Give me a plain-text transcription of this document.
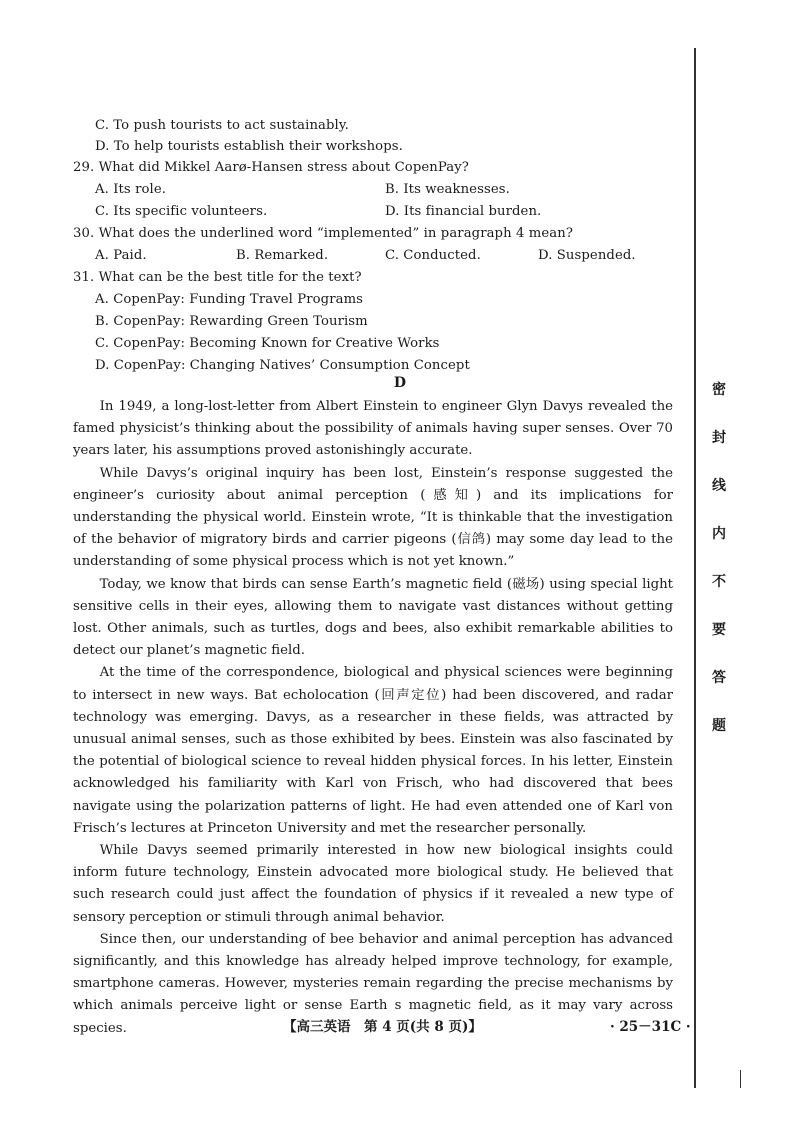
C. To push tourists to act sustainably.
D. To help tourists establish their workshops.
29. What did Mikkel Aarø-Hansen stress about CopenPay?
A. Its role.	B. Its weaknesses.
C. Its specific volunteers.	D. Its financial burden.
30. What does the underlined word “implemented” in paragraph 4 mean?
A. Paid.	B. Remarked.	C. Conducted.	D. Suspended.
31. What can be the best title for the text?
A. CopenPay: Funding Travel Programs
B. CopenPay: Rewarding Green Tourism
C. CopenPay: Becoming Known for Creative Works
D. CopenPay: Changing Natives’ Consumption Concept
D

In 1949, a long-lost-letter from Albert Einstein to engineer Glyn Davys revealed the famed physicist’s thinking about the possibility of animals having super senses. Over 70 years later, his assumptions proved astonishingly accurate.

While Davys’s original inquiry has been lost, Einstein’s response suggested the engineer’s curiosity about animal perception (感知) and its implications for understanding the physical world. Einstein wrote, “It is thinkable that the investigation of the behavior of migratory birds and carrier pigeons (信鸽) may some day lead to the understanding of some physical process which is not yet known.”

Today, we know that birds can sense Earth’s magnetic field (磁场) using special light sensitive cells in their eyes, allowing them to navigate vast distances without getting lost. Other animals, such as turtles, dogs and bees, also exhibit remarkable abilities to detect our planet’s magnetic field.

At the time of the correspondence, biological and physical sciences were beginning to intersect in new ways. Bat echolocation (回声定位) had been discovered, and radar technology was emerging. Davys, as a researcher in these fields, was attracted by unusual animal senses, such as those exhibited by bees. Einstein was also fascinated by the potential of biological science to reveal hidden physical forces. In his letter, Einstein acknowledged his familiarity with Karl von Frisch, who had discovered that bees navigate using the polarization patterns of light. He had even attended one of Karl von Frisch’s lectures at Princeton University and met the researcher personally.

While Davys seemed primarily interested in how new biological insights could inform future technology, Einstein advocated more biological study. He believed that such research could just affect the foundation of physics if it revealed a new type of sensory perception or stimuli through animal behavior.

Since then, our understanding of bee behavior and animal perception has advanced significantly, and this knowledge has already helped improve technology, for example, smartphone cameras. However, mysteries remain regarding the precise mechanisms by which animals perceive light or sense Earth s magnetic field, as it may vary across species.	【高三英语　第 4 页(共 8 页)】	· 25－31C ·
密
封
线
内
不
要
答
题
